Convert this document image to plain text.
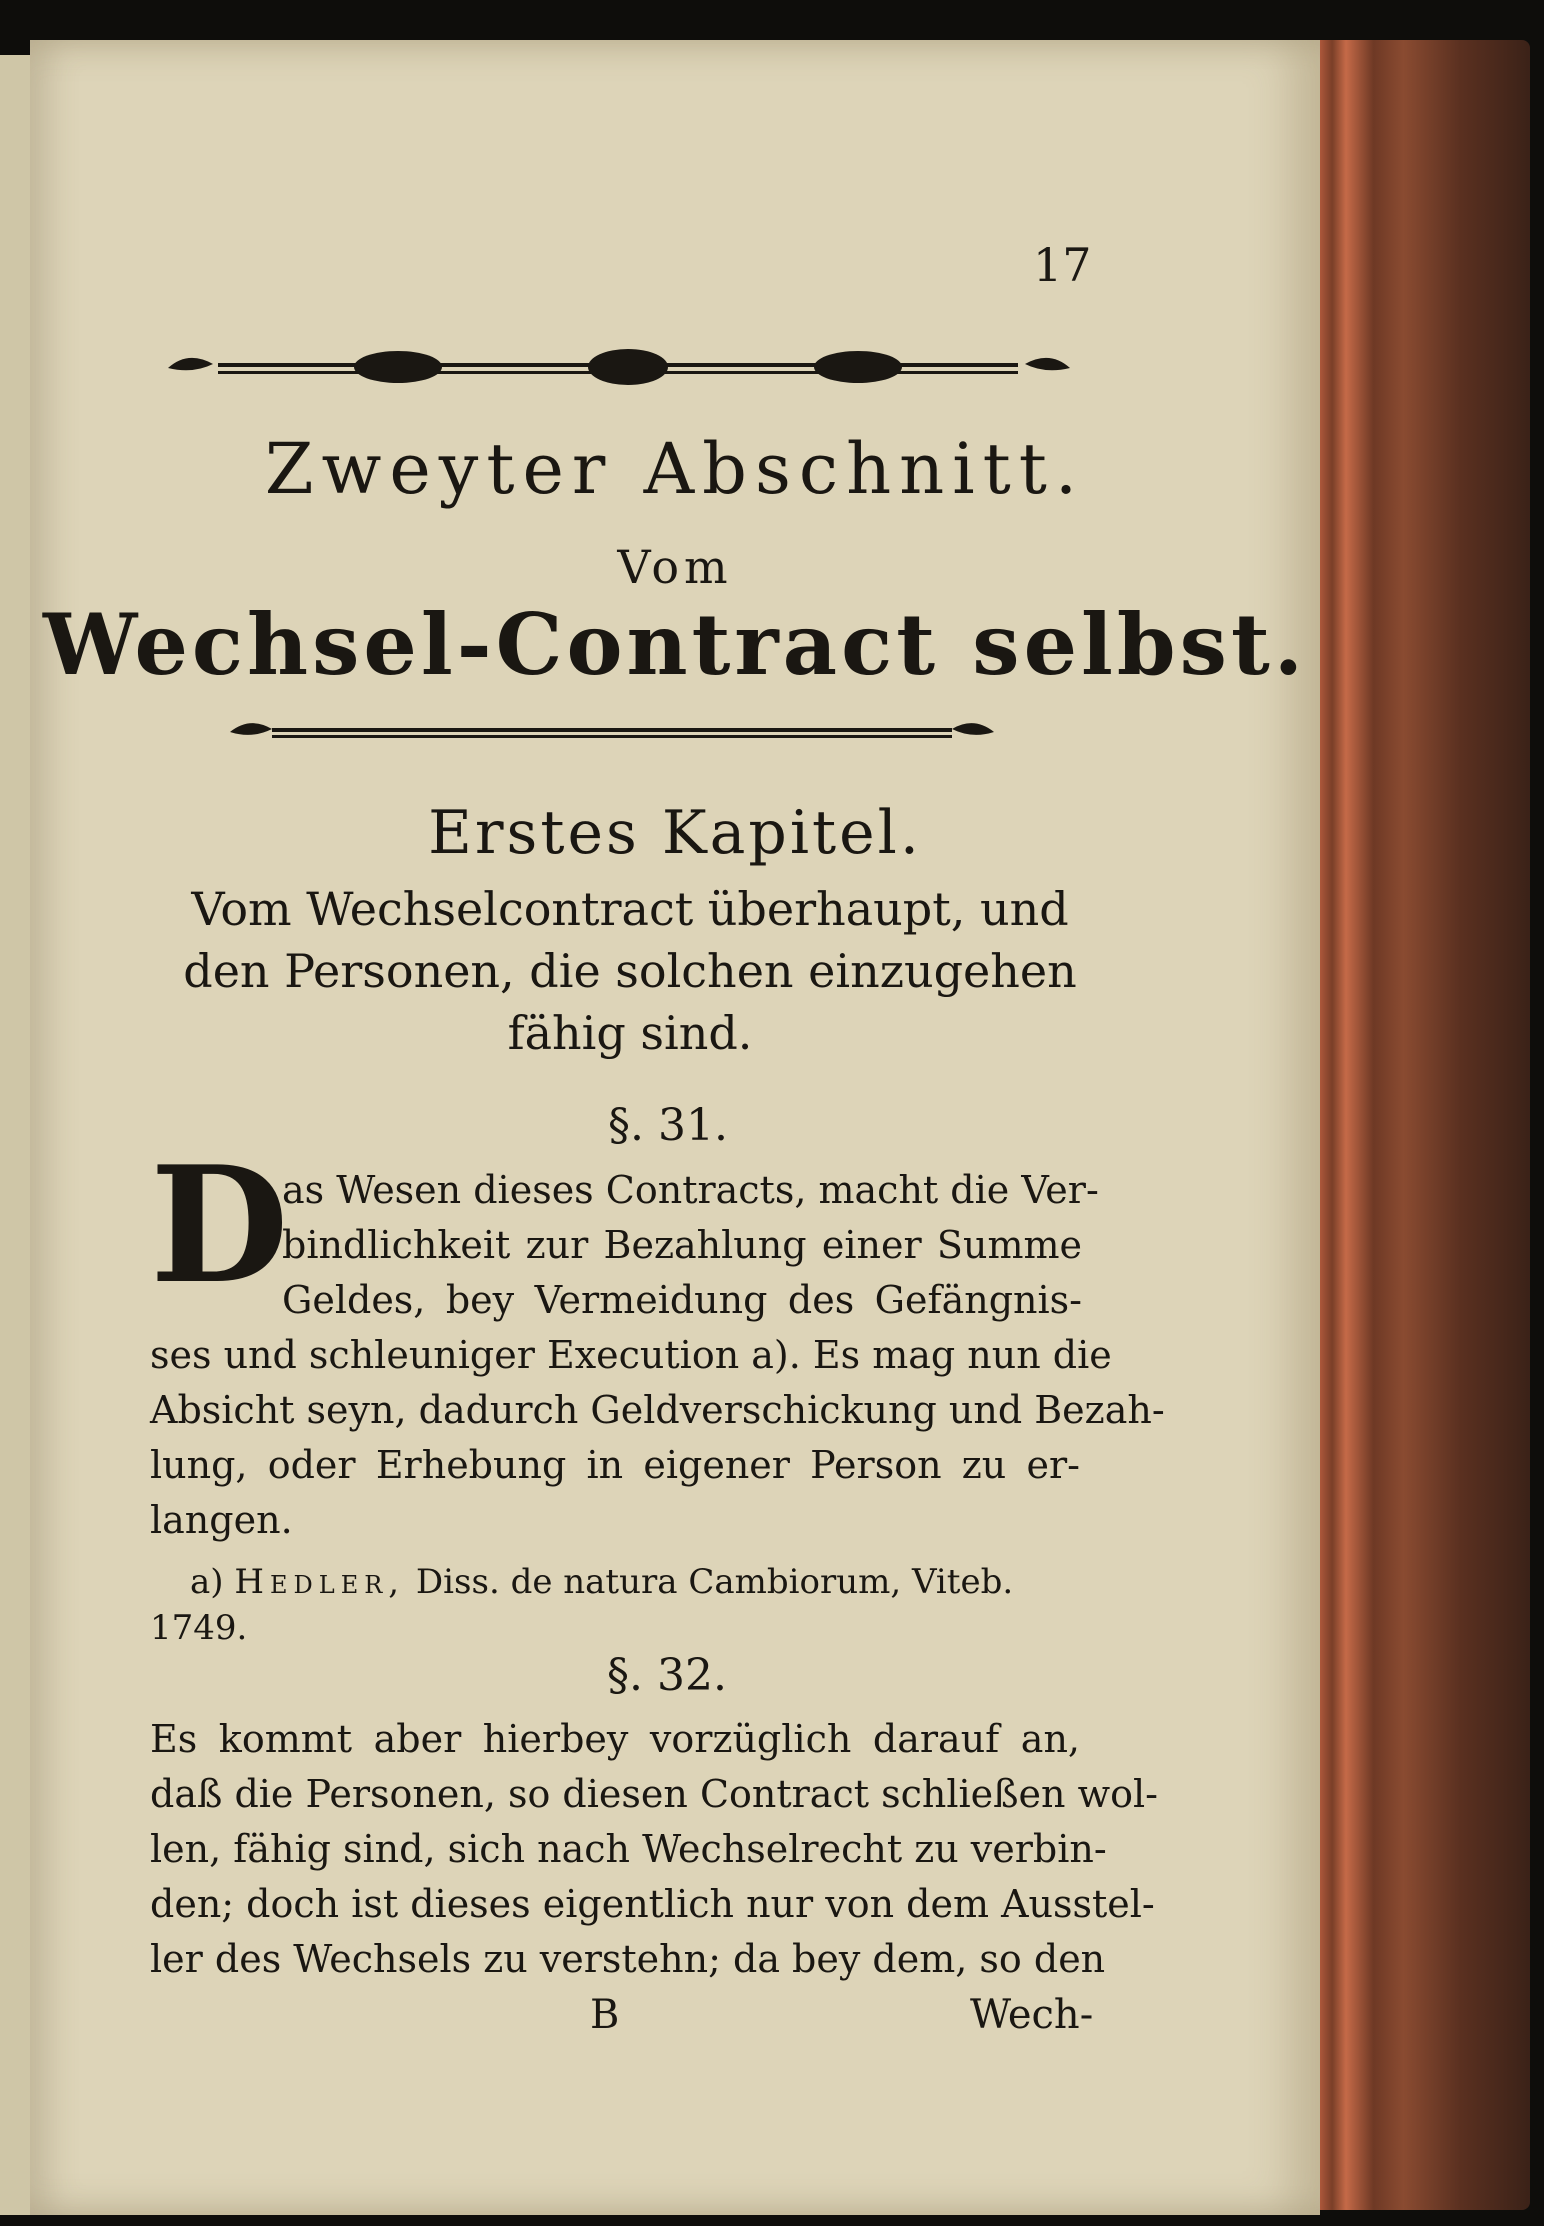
17
Zweyter Abschnitt.
Vom
Wechsel-Contract selbst.
Erstes Kapitel.
Vom Wechselcontract überhaupt, und den Personen, die solchen einzugehen fähig sind.
§. 31.
D
as Wesen dieses Contracts, macht die Ver-
bindlichkeit zur Bezahlung einer Summe
Geldes, bey Vermeidung des Gefängnis-
ses und schleuniger Execution a). Es mag nun die
Absicht seyn, dadurch Geldverschickung und Bezah-
lung, oder Erhebung in eigener Person zu er-
langen.
a) Hedler, Diss. de natura Cambiorum, Viteb.
1749.
§. 32.
Es kommt aber hierbey vorzüglich darauf an,
daß die Personen, so diesen Contract schließen wol-
len, fähig sind, sich nach Wechselrecht zu verbin-
den; doch ist dieses eigentlich nur von dem Ausstel-
ler des Wechsels zu verstehn; da bey dem, so den
B	Wech-
